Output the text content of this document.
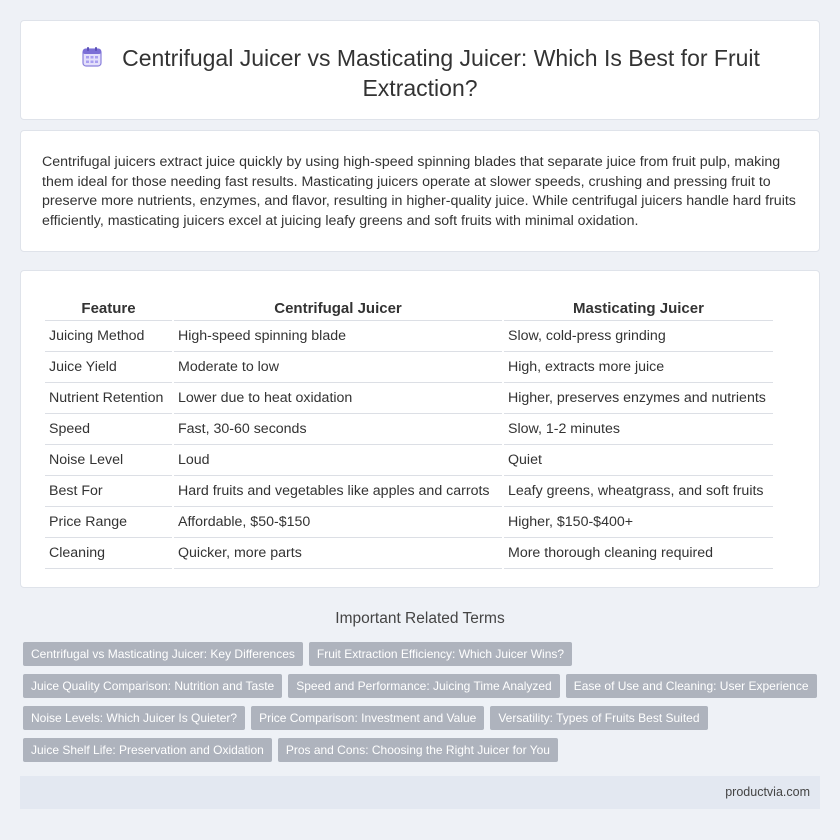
Centrifugal Juicer vs Masticating Juicer: Which Is Best for Fruit Extraction?

Centrifugal juicers extract juice quickly by using high-speed spinning blades that separate juice from fruit pulp, making them ideal for those needing fast results. Masticating juicers operate at slower speeds, crushing and pressing fruit to preserve more nutrients, enzymes, and flavor, resulting in higher-quality juice. While centrifugal juicers handle hard fruits efficiently, masticating juicers excel at juicing leafy greens and soft fruits with minimal oxidation.

Feature	Centrifugal Juicer	Masticating Juicer
Juicing Method	High-speed spinning blade	Slow, cold-press grinding
Juice Yield	Moderate to low	High, extracts more juice
Nutrient Retention	Lower due to heat oxidation	Higher, preserves enzymes and nutrients
Speed	Fast, 30-60 seconds	Slow, 1-2 minutes
Noise Level	Loud	Quiet
Best For	Hard fruits and vegetables like apples and carrots	Leafy greens, wheatgrass, and soft fruits
Price Range	Affordable, $50-$150	Higher, $150-$400+
Cleaning	Quicker, more parts	More thorough cleaning required
Important Related Terms
Centrifugal vs Masticating Juicer: Key Differences Fruit Extraction Efficiency: Which Juicer Wins?
Juice Quality Comparison: Nutrition and Taste Speed and Performance: Juicing Time Analyzed Ease of Use and Cleaning: User Experience
Noise Levels: Which Juicer Is Quieter? Price Comparison: Investment and Value Versatility: Types of Fruits Best Suited
Juice Shelf Life: Preservation and Oxidation Pros and Cons: Choosing the Right Juicer for You
productvia.com
